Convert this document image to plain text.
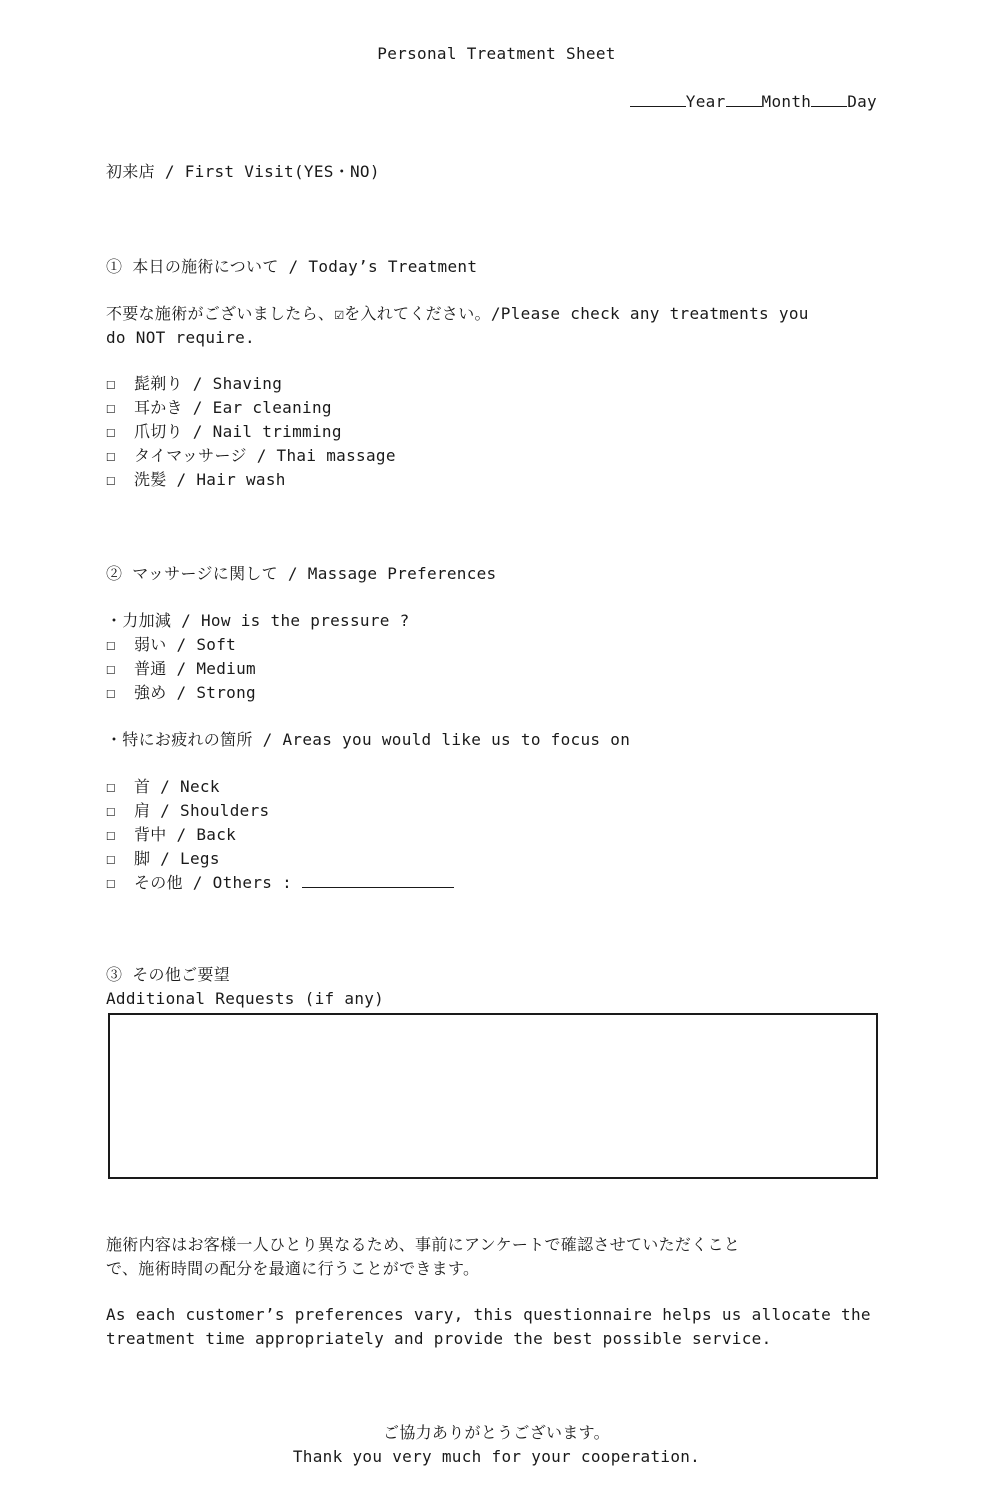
Personal Treatment Sheet
Year Month Day
初来店 / First Visit(YES・NO)
① 本日の施術について / Today’s Treatment
不要な施術がございましたら、☑を入れてください。/Please check any treatments you
do NOT require.
☐ 髭剃り / Shaving
☐ 耳かき / Ear cleaning
☐ 爪切り / Nail trimming
☐ タイマッサージ / Thai massage
☐ 洗髪 / Hair wash
② マッサージに関して / Massage Preferences
・力加減 / How is the pressure ?
☐ 弱い / Soft
☐ 普通 / Medium
☐ 強め / Strong
・特にお疲れの箇所 / Areas you would like us to focus on
☐ 首 / Neck
☐ 肩 / Shoulders
☐ 背中 / Back
☐ 脚 / Legs
☐ その他 / Others :
③ その他ご要望
Additional Requests (if any)
施術内容はお客様一人ひとり異なるため、事前にアンケートで確認させていただくこと
で、施術時間の配分を最適に行うことができます。
As each customer’s preferences vary, this questionnaire helps us allocate the
treatment time appropriately and provide the best possible service.
ご協力ありがとうございます。
Thank you very much for your cooperation.
